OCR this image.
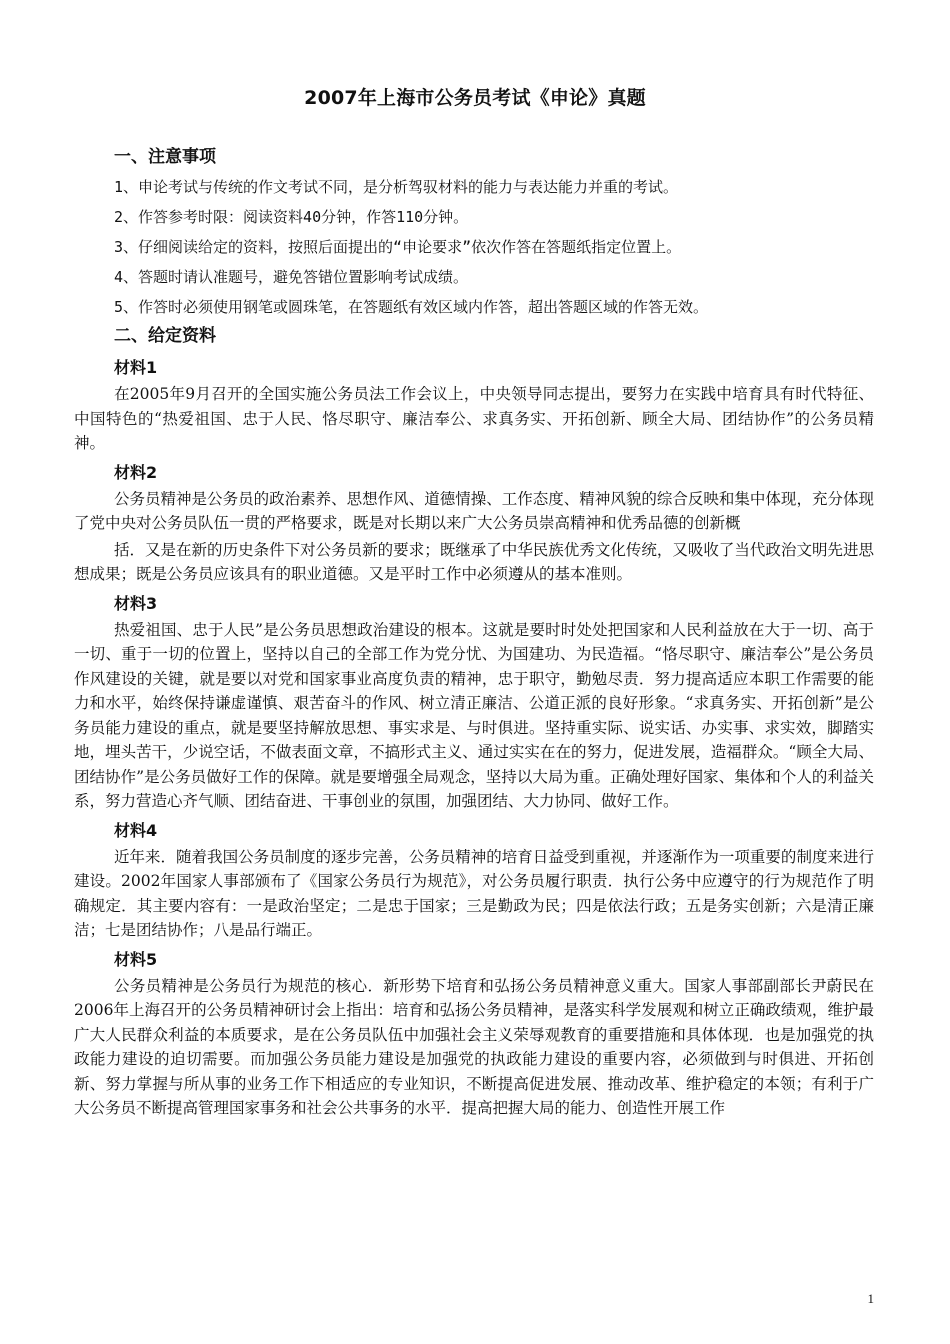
2007年上海市公务员考试《申论》真题

一、注意事项

1、申论考试与传统的作文考试不同，是分析驾驭材料的能力与表达能力并重的考试。

2、作答参考时限：阅读资料40分钟，作答110分钟。

3、仔细阅读给定的资料，按照后面提出的“申论要求”依次作答在答题纸指定位置上。

4、答题时请认准题号，避免答错位置影响考试成绩。

5、作答时必须使用钢笔或圆珠笔，在答题纸有效区域内作答，超出答题区域的作答无效。

二、给定资料

材料1

在2005年9月召开的全国实施公务员法工作会议上，中央领导同志提出，要努力在实践中培育具有时代特征、中国特色的“热爱祖国、忠于人民、恪尽职守、廉洁奉公、求真务实、开拓创新、顾全大局、团结协作”的公务员精神。

材料2

公务员精神是公务员的政治素养、思想作风、道德情操、工作态度、精神风貌的综合反映和集中体现，充分体现了党中央对公务员队伍一贯的严格要求，既是对长期以来广大公务员崇高精神和优秀品德的创新概

括．又是在新的历史条件下对公务员新的要求；既继承了中华民族优秀文化传统，又吸收了当代政治文明先进思想成果；既是公务员应该具有的职业道德。又是平时工作中必须遵从的基本准则。

材料3

热爱祖国、忠于人民”是公务员思想政治建设的根本。这就是要时时处处把国家和人民利益放在大于一切、高于一切、重于一切的位置上，坚持以自己的全部工作为党分忧、为国建功、为民造福。“恪尽职守、廉洁奉公”是公务员作风建设的关键，就是要以对党和国家事业高度负责的精神，忠于职守，勤勉尽责．努力提高适应本职工作需要的能力和水平，始终保持谦虚谨慎、艰苦奋斗的作风、树立清正廉洁、公道正派的良好形象。“求真务实、开拓创新”是公务员能力建设的重点，就是要坚持解放思想、事实求是、与时俱进。坚持重实际、说实话、办实事、求实效，脚踏实地，埋头苦干，少说空话，不做表面文章，不搞形式主义、通过实实在在的努力，促进发展，造福群众。“顾全大局、团结协作”是公务员做好工作的保障。就是要增强全局观念，坚持以大局为重。正确处理好国家、集体和个人的利益关系，努力营造心齐气顺、团结奋进、干事创业的氛围，加强团结、大力协同、做好工作。

材料4

近年来．随着我国公务员制度的逐步完善，公务员精神的培育日益受到重视，并逐渐作为一项重要的制度来进行建设。2002年国家人事部颁布了《国家公务员行为规范》，对公务员履行职责．执行公务中应遵守的行为规范作了明确规定．其主要内容有：一是政治坚定；二是忠于国家；三是勤政为民；四是依法行政；五是务实创新；六是清正廉洁；七是团结协作；八是品行端正。

材料5

公务员精神是公务员行为规范的核心．新形势下培育和弘扬公务员精神意义重大。国家人事部副部长尹蔚民在2006年上海召开的公务员精神研讨会上指出：培育和弘扬公务员精神，是落实科学发展观和树立正确政绩观，维护最广大人民群众利益的本质要求，是在公务员队伍中加强社会主义荣辱观教育的重要措施和具体体现．也是加强党的执政能力建设的迫切需要。而加强公务员能力建设是加强党的执政能力建设的重要内容，必须做到与时俱进、开拓创新、努力掌握与所从事的业务工作下相适应的专业知识，不断提高促进发展、推动改革、维护稳定的本领；有利于广大公务员不断提高管理国家事务和社会公共事务的水平．提高把握大局的能力、创造性开展工作

1
